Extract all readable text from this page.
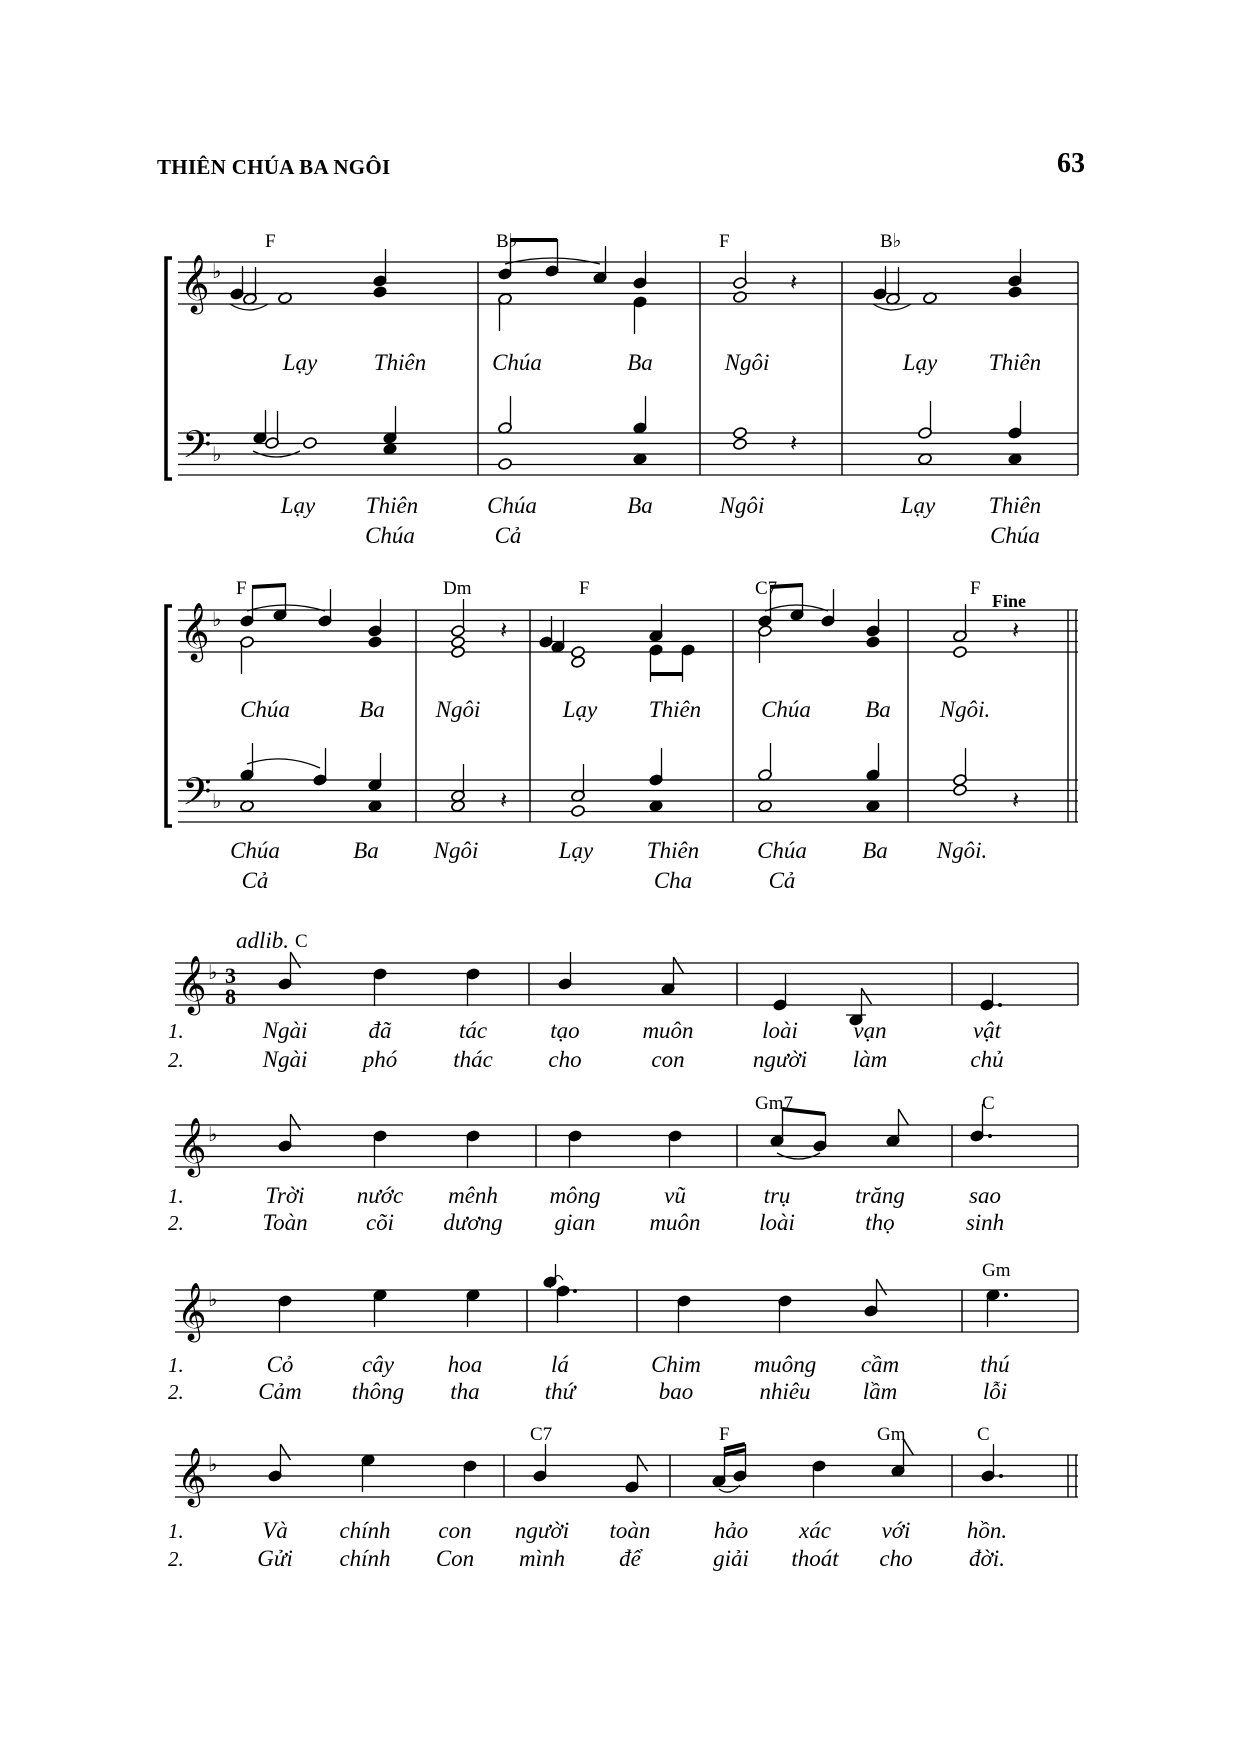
THIÊN CHÚA BA NGÔI	63
𝄞 ♭
𝄢 ♭
𝄽
𝄽
𝄞 ♭
𝄢 ♭
𝄽	𝄽
𝄽	𝄽
𝄞 ♭
𝄞 ♭
𝄞 ♭
𝄞 ♭
3
8
F	B♭	F	B♭
Lạy Thiên	Chúa	Ba	Ngôi	Lạy Thiên
Lạy Thiên	Chúa	Ba	Ngôi	Lạy Thiên
Chúa	Cả	Chúa
F	Dm	F	C7	F
Fine
Chúa	Ba Ngôi	Lạy Thiên	Chúa Ba Ngôi.
Chúa	Ba Ngôi	Lạy Thiên	Chúa Ba Ngôi.
Cả	Cha	Cả
adlib. C
1.
2.
1.
2.
1.
2.
1.
2.
Ngài
Ngài
đã
phó
tác
thác
tạo
cho
muôn
con
loài
người
vạn
làm
vật
chủ
Gm7	C
Trời
Toàn
nước
cõi
mênh
dương
mông
gian
vũ
muôn
trụ
loài
trăng
thọ
sao
sinh
Gm
Cỏ
Cảm
cây
thông
hoa
tha
lá
thứ
Chim
bao
muông
nhiêu
cầm
lầm
thú
lỗi
C7	F	Gm	C
Và
Gửi
chính
chính
con
Con
người
mình
toàn
để
hảo
giải
xác
thoát
với
cho
hồn.
đời.
